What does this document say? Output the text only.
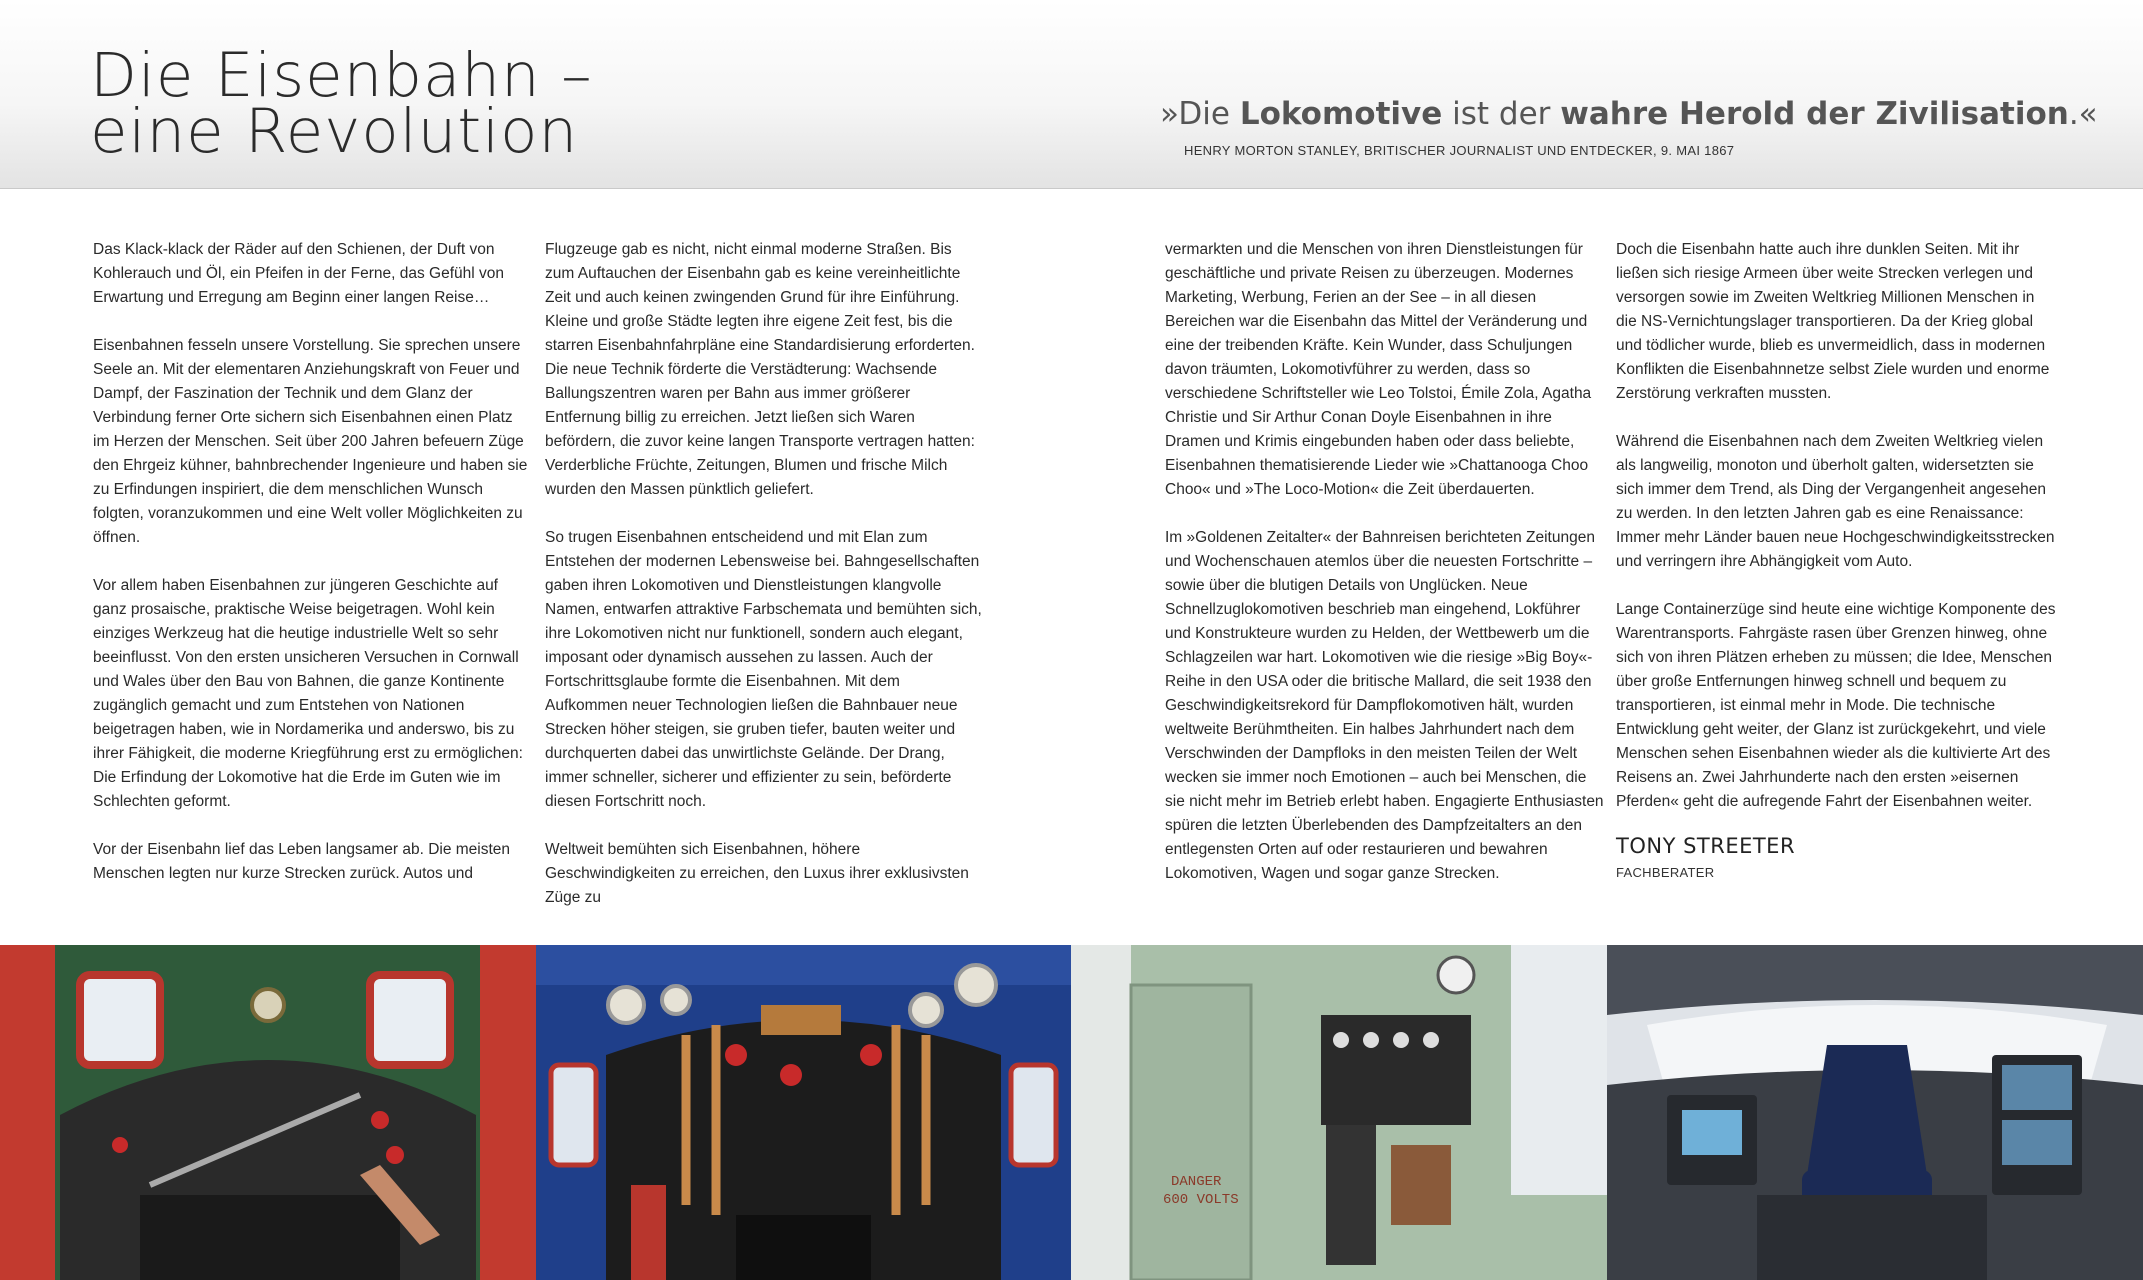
Die Eisenbahn –
eine Revolution	»Die Lokomotive ist der wahre Herold der Zivilisation.«

HENRY MORTON STANLEY, BRITISCHER JOURNALIST UND ENTDECKER, 9. MAI 1867

Das Klack-klack der Räder auf den Schienen, der Duft von Kohlerauch und Öl, ein Pfeifen in der Ferne, das Gefühl von Erwartung und Erregung am Beginn einer langen Reise…

Eisenbahnen fesseln unsere Vorstellung. Sie sprechen unsere Seele an. Mit der elementaren Anziehungskraft von Feuer und Dampf, der Faszination der Technik und dem Glanz der Verbindung ferner Orte sichern sich Eisenbahnen einen Platz im Herzen der Menschen. Seit über 200 Jahren befeuern Züge den Ehrgeiz kühner, bahnbrechender Ingenieure und haben sie zu Erfindungen inspiriert, die dem menschlichen Wunsch folgten, voranzukommen und eine Welt voller Möglichkeiten zu öffnen.

Vor allem haben Eisenbahnen zur jüngeren Geschichte auf ganz prosaische, praktische Weise beigetragen. Wohl kein einziges Werkzeug hat die heutige industrielle Welt so sehr beeinflusst. Von den ersten unsicheren Versuchen in Cornwall und Wales über den Bau von Bahnen, die ganze Kontinente zugänglich gemacht und zum Entstehen von Nationen beigetragen haben, wie in Nordamerika und anderswo, bis zu ihrer Fähigkeit, die moderne Kriegführung erst zu ermöglichen: Die Erfindung der Lokomotive hat die Erde im Guten wie im Schlechten geformt.

Vor der Eisenbahn lief das Leben langsamer ab. Die meisten Menschen legten nur kurze Strecken zurück. Autos und

Flugzeuge gab es nicht, nicht einmal moderne Straßen. Bis zum Auftauchen der Eisenbahn gab es keine vereinheitlichte Zeit und auch keinen zwingenden Grund für ihre Einführung. Kleine und große Städte legten ihre eigene Zeit fest, bis die starren Eisenbahnfahrpläne eine Standardisierung erforderten. Die neue Technik förderte die Verstädterung: Wachsende Ballungszentren waren per Bahn aus immer größerer Entfernung billig zu erreichen. Jetzt ließen sich Waren befördern, die zuvor keine langen Transporte vertragen hatten: Verderbliche Früchte, Zeitungen, Blumen und frische Milch wurden den Massen pünktlich geliefert.

So trugen Eisenbahnen entscheidend und mit Elan zum Entstehen der modernen Lebensweise bei. Bahngesellschaften gaben ihren Lokomotiven und Dienstleistungen klangvolle Namen, entwarfen attraktive Farbschemata und bemühten sich, ihre Lokomotiven nicht nur funktionell, sondern auch elegant, imposant oder dynamisch aussehen zu lassen. Auch der Fortschrittsglaube formte die Eisenbahnen. Mit dem Aufkommen neuer Technologien ließen die Bahnbauer neue Strecken höher steigen, sie gruben tiefer, bauten weiter und durchquerten dabei das unwirtlichste Gelände. Der Drang, immer schneller, sicherer und effizienter zu sein, beförderte diesen Fortschritt noch.

Weltweit bemühten sich Eisenbahnen, höhere Geschwindigkeiten zu erreichen, den Luxus ihrer exklusivsten Züge zu

vermarkten und die Menschen von ihren Dienstleistungen für geschäftliche und private Reisen zu überzeugen. Modernes Marketing, Werbung, Ferien an der See – in all diesen Bereichen war die Eisenbahn das Mittel der Veränderung und eine der treibenden Kräfte. Kein Wunder, dass Schuljungen davon träumten, Lokomotivführer zu werden, dass so verschiedene Schriftsteller wie Leo Tolstoi, Émile Zola, Agatha Christie und Sir Arthur Conan Doyle Eisenbahnen in ihre Dramen und Krimis eingebunden haben oder dass beliebte, Eisenbahnen thematisierende Lieder wie »Chattanooga Choo Choo« und »The Loco-Motion« die Zeit überdauerten.

Im »Goldenen Zeitalter« der Bahnreisen berichteten Zeitungen und Wochenschauen atemlos über die neuesten Fortschritte – sowie über die blutigen Details von Unglücken. Neue Schnellzuglokomotiven beschrieb man eingehend, Lokführer und Konstrukteure wurden zu Helden, der Wettbewerb um die Schlagzeilen war hart. Lokomotiven wie die riesige »Big Boy«-Reihe in den USA oder die britische Mallard, die seit 1938 den Geschwindigkeitsrekord für Dampflokomotiven hält, wurden weltweite Berühmtheiten. Ein halbes Jahrhundert nach dem Verschwinden der Dampfloks in den meisten Teilen der Welt wecken sie immer noch Emotionen – auch bei Menschen, die sie nicht mehr im Betrieb erlebt haben. Engagierte Enthusiasten spüren die letzten Überlebenden des Dampfzeitalters an den entlegensten Orten auf oder restaurieren und bewahren Lokomotiven, Wagen und sogar ganze Strecken.

Doch die Eisenbahn hatte auch ihre dunklen Seiten. Mit ihr ließen sich riesige Armeen über weite Strecken verlegen und versorgen sowie im Zweiten Weltkrieg Millionen Menschen in die NS-Vernichtungslager transportieren. Da der Krieg global und tödlicher wurde, blieb es unvermeidlich, dass in modernen Konflikten die Eisenbahnnetze selbst Ziele wurden und enorme Zerstörung verkraften mussten.

Während die Eisenbahnen nach dem Zweiten Weltkrieg vielen als langweilig, monoton und überholt galten, widersetzten sie sich immer dem Trend, als Ding der Vergangenheit angesehen zu werden. In den letzten Jahren gab es eine Renaissance: Immer mehr Länder bauen neue Hochgeschwindigkeitsstrecken und verringern ihre Abhängigkeit vom Auto.

Lange Containerzüge sind heute eine wichtige Komponente des Warentransports. Fahrgäste rasen über Grenzen hinweg, ohne sich von ihren Plätzen erheben zu müssen; die Idee, Menschen über große Entfernungen hinweg schnell und bequem zu transportieren, ist einmal mehr in Mode. Die technische Entwicklung geht weiter, der Glanz ist zurückgekehrt, und viele Menschen sehen Eisenbahnen wieder als die kultivierte Art des Reisens an. Zwei Jahrhunderte nach den ersten »eisernen Pferden« geht die aufregende Fahrt der Eisenbahnen weiter.

TONY STREETER
FACHBERATER
DANGER
600 VOLTS
